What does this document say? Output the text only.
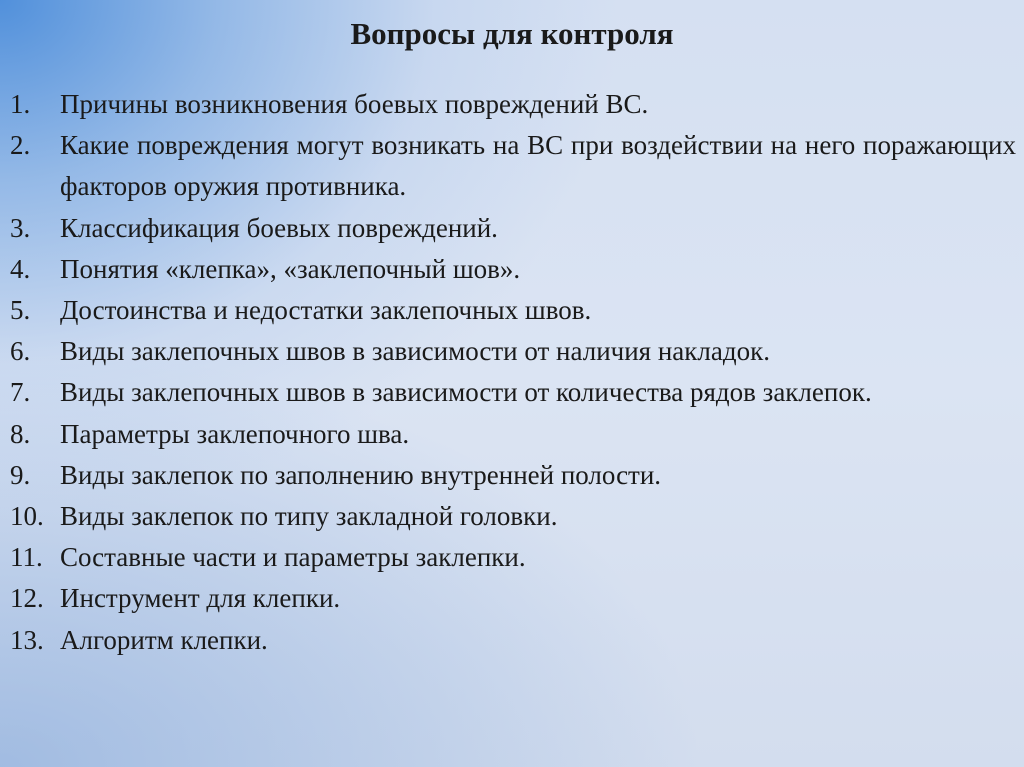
Вопросы для контроля
1.	Причины возникновения боевых повреждений ВС.
2.	Какие повреждения могут возникать на ВС при воздействии на него поражающих факторов оружия противника.
3.	Классификация боевых повреждений.
4.	Понятия «клепка», «заклепочный шов».
5.	Достоинства и недостатки заклепочных швов.
6.	Виды заклепочных швов в зависимости от наличия накладок.
7.	Виды заклепочных швов в зависимости от количества рядов заклепок.
8.	Параметры заклепочного шва.
9.	Виды заклепок по заполнению внутренней полости.
10. Виды заклепок по типу закладной головки.
11. Составные части и параметры заклепки.
12. Инструмент для клепки.
13. Алгоритм клепки.
